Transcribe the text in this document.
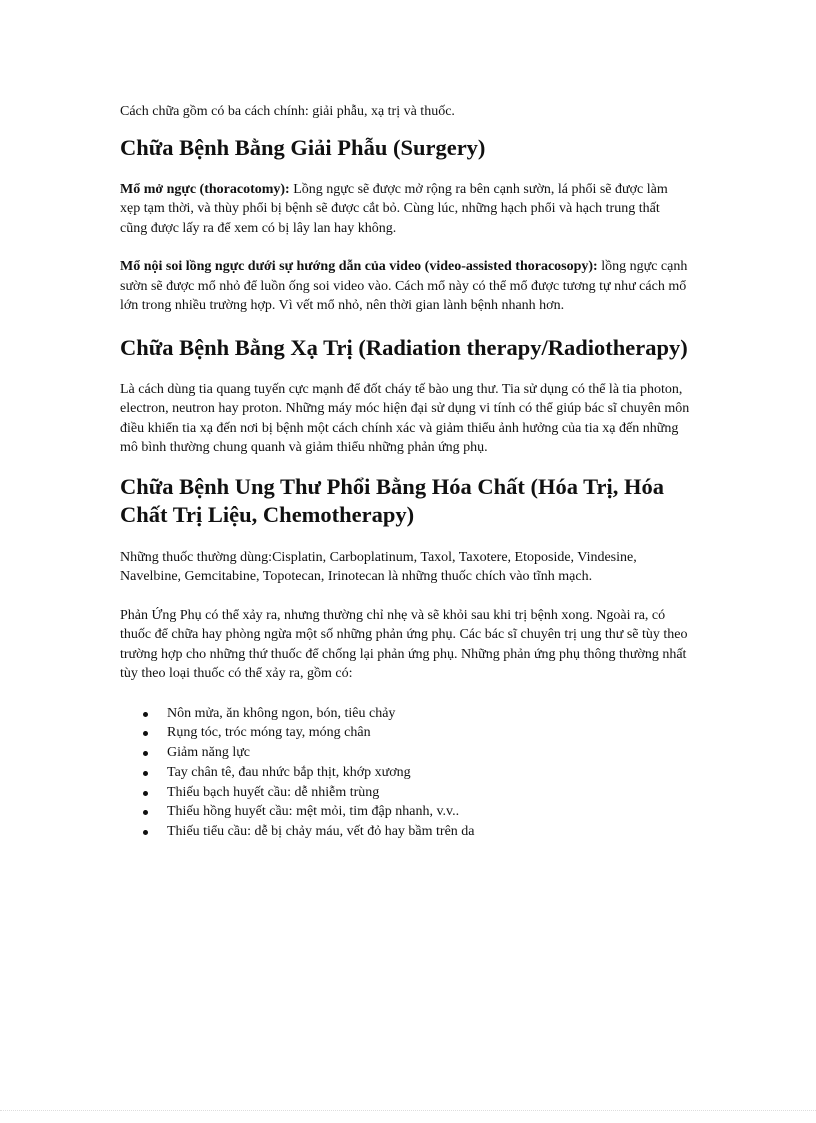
Cách chữa gồm có ba cách chính: giải phẫu, xạ trị và thuốc.

Chữa Bệnh Bằng Giải Phẫu (Surgery)

Mổ mở ngực (thoracotomy): Lồng ngực sẽ được mở rộng ra bên cạnh sườn, lá phổi sẽ được làm xẹp tạm thời, và thùy phổi bị bệnh sẽ được cắt bỏ. Cùng lúc, những hạch phổi và hạch trung thất cũng được lấy ra để xem có bị lây lan hay không.

Mổ nội soi lồng ngực dưới sự hướng dẫn của video (video-assisted thoracosopy): lồng ngực cạnh sườn sẽ được mổ nhỏ để luồn ống soi video vào. Cách mổ này có thể mổ được tương tự như cách mổ lớn trong nhiều trường hợp. Vì vết mổ nhỏ, nên thời gian lành bệnh nhanh hơn.

Chữa Bệnh Bằng Xạ Trị (Radiation therapy/Radiotherapy)

Là cách dùng tia quang tuyến cực mạnh để đốt cháy tế bào ung thư. Tia sử dụng có thể là tia photon, electron, neutron hay proton. Những máy móc hiện đại sử dụng vi tính có thể giúp bác sĩ chuyên môn điều khiển tia xạ đến nơi bị bệnh một cách chính xác và giảm thiểu ảnh hưởng của tia xạ đến những mô bình thường chung quanh và giảm thiểu những phản ứng phụ.

Chữa Bệnh Ung Thư Phổi Bằng Hóa Chất (Hóa Trị, Hóa Chất Trị Liệu, Chemotherapy)

Những thuốc thường dùng:Cisplatin, Carboplatinum, Taxol, Taxotere, Etoposide, Vindesine, Navelbine, Gemcitabine, Topotecan, Irinotecan là những thuốc chích vào tĩnh mạch.

Phản Ứng Phụ có thể xảy ra, nhưng thường chỉ nhẹ và sẽ khỏi sau khi trị bệnh xong. Ngoài ra, có thuốc để chữa hay phòng ngừa một số những phản ứng phụ. Các bác sĩ chuyên trị ung thư sẽ tùy theo trường hợp cho những thứ thuốc để chống lại phản ứng phụ. Những phản ứng phụ thông thường nhất tùy theo loại thuốc có thể xảy ra, gồm có:

Nôn mửa, ăn không ngon, bón, tiêu chảy
Rụng tóc, tróc móng tay, móng chân
Giảm năng lực
Tay chân tê, đau nhức bắp thịt, khớp xương
Thiếu bạch huyết cầu: dễ nhiễm trùng
Thiếu hồng huyết cầu: mệt mỏi, tim đập nhanh, v.v..
Thiếu tiểu cầu: dễ bị chảy máu, vết đỏ hay bầm trên da
